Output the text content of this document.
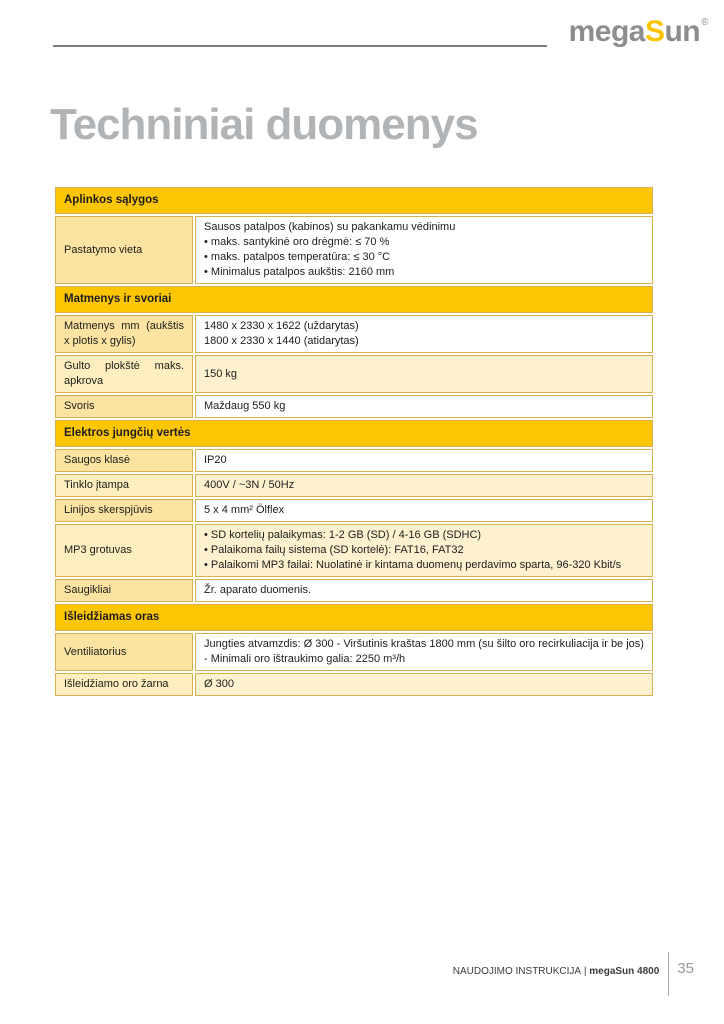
megaSun®
Techniniai duomenys
Aplinkos sąlygos	
Pastatymo vieta	Sausos patalpos (kabinos) su pakankamu vėdinimu
• maks. santykinė oro drėgmė: ≤ 70 %
• maks. patalpos temperatūra: ≤ 30 °C
• Minimalus patalpos aukštis: 2160 mm

Matmenys ir svoriai	
Matmenys mm (aukštis x plotis x gylis)	1480 x 2330 x 1622 (uždarytas)
1800 x 2330 x 1440 (atidarytas)

Gulto plokštė maks. apkrova	150 kg

Svoris	Maždaug 550 kg

Elektros jungčių vertės	
Saugos klasė	IP20

Tinklo įtampa	400V / ~3N / 50Hz

Linijos skerspjūvis	5 x 4 mm² Ölflex

MP3 grotuvas	• SD kortelių palaikymas: 1-2 GB (SD) / 4-16 GB (SDHC)
• Palaikoma failų sistema (SD kortelė): FAT16, FAT32
• Palaikomi MP3 failai: Nuolatinė ir kintama duomenų perdavimo sparta, 96-320 Kbit/s

Saugikliai	Žr. aparato duomenis.

Išleidžiamas oras	
Ventiliatorius	Jungties atvamzdis: Ø 300 - Viršutinis kraštas 1800 mm (su šilto oro recirkuliacija ir be jos) - Minimali oro ištraukimo galia: 2250 m³/h

Išleidžiamo oro žarna	Ø 300
NAUDOJIMO INSTRUKCIJA | megaSun 4800 35
